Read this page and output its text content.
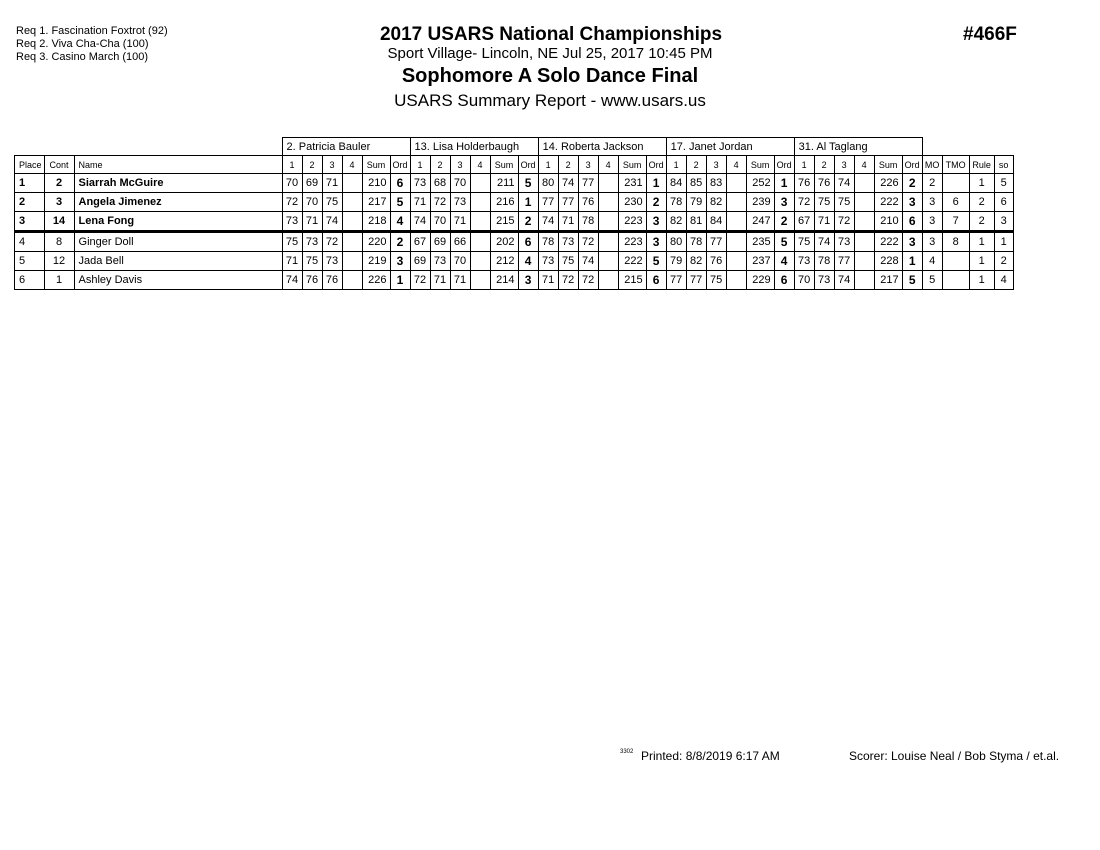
Req 1. Fascination Foxtrot (92)
Req 2. Viva Cha-Cha (100)
Req 3. Casino March (100)
2017 USARS National Championships
Sport Village- Lincoln, NE Jul 25, 2017 10:45 PM
Sophomore A Solo Dance Final
USARS Summary Report - www.usars.us
#466F
			2. Patricia Bauler						13. Lisa Holderbaugh						14. Roberta Jackson						17. Janet Jordan						31. Al Taglang									
Place	Cont	Name	1	2	3	4	Sum	Ord	1	2	3	4	Sum	Ord	1	2	3	4	Sum	Ord	1	2	3	4	Sum	Ord	1	2	3	4	Sum	Ord	MO	TMO	Rule	so
1	2	Siarrah McGuire	70	69	71		210	6	73	68	70		211	5	80	74	77		231	1	84	85	83		252	1	76	76	74		226	2	2		1	5
2	3	Angela Jimenez	72	70	75		217	5	71	72	73		216	1	77	77	76		230	2	78	79	82		239	3	72	75	75		222	3	3	6	2	6
3	14	Lena Fong	73	71	74		218	4	74	70	71		215	2	74	71	78		223	3	82	81	84		247	2	67	71	72		210	6	3	7	2	3
4	8	Ginger Doll	75	73	72		220	2	67	69	66		202	6	78	73	72		223	3	80	78	77		235	5	75	74	73		222	3	3	8	1	1
5	12	Jada Bell	71	75	73		219	3	69	73	70		212	4	73	75	74		222	5	79	82	76		237	4	73	78	77		228	1	4		1	2
6	1	Ashley Davis	74	76	76		226	1	72	71	71		214	3	71	72	72		215	6	77	77	75		229	6	70	73	74		217	5	5		1	4
3302 Printed: 8/8/2019 6:17 AM	Scorer: Louise Neal / Bob Styma / et.al.
